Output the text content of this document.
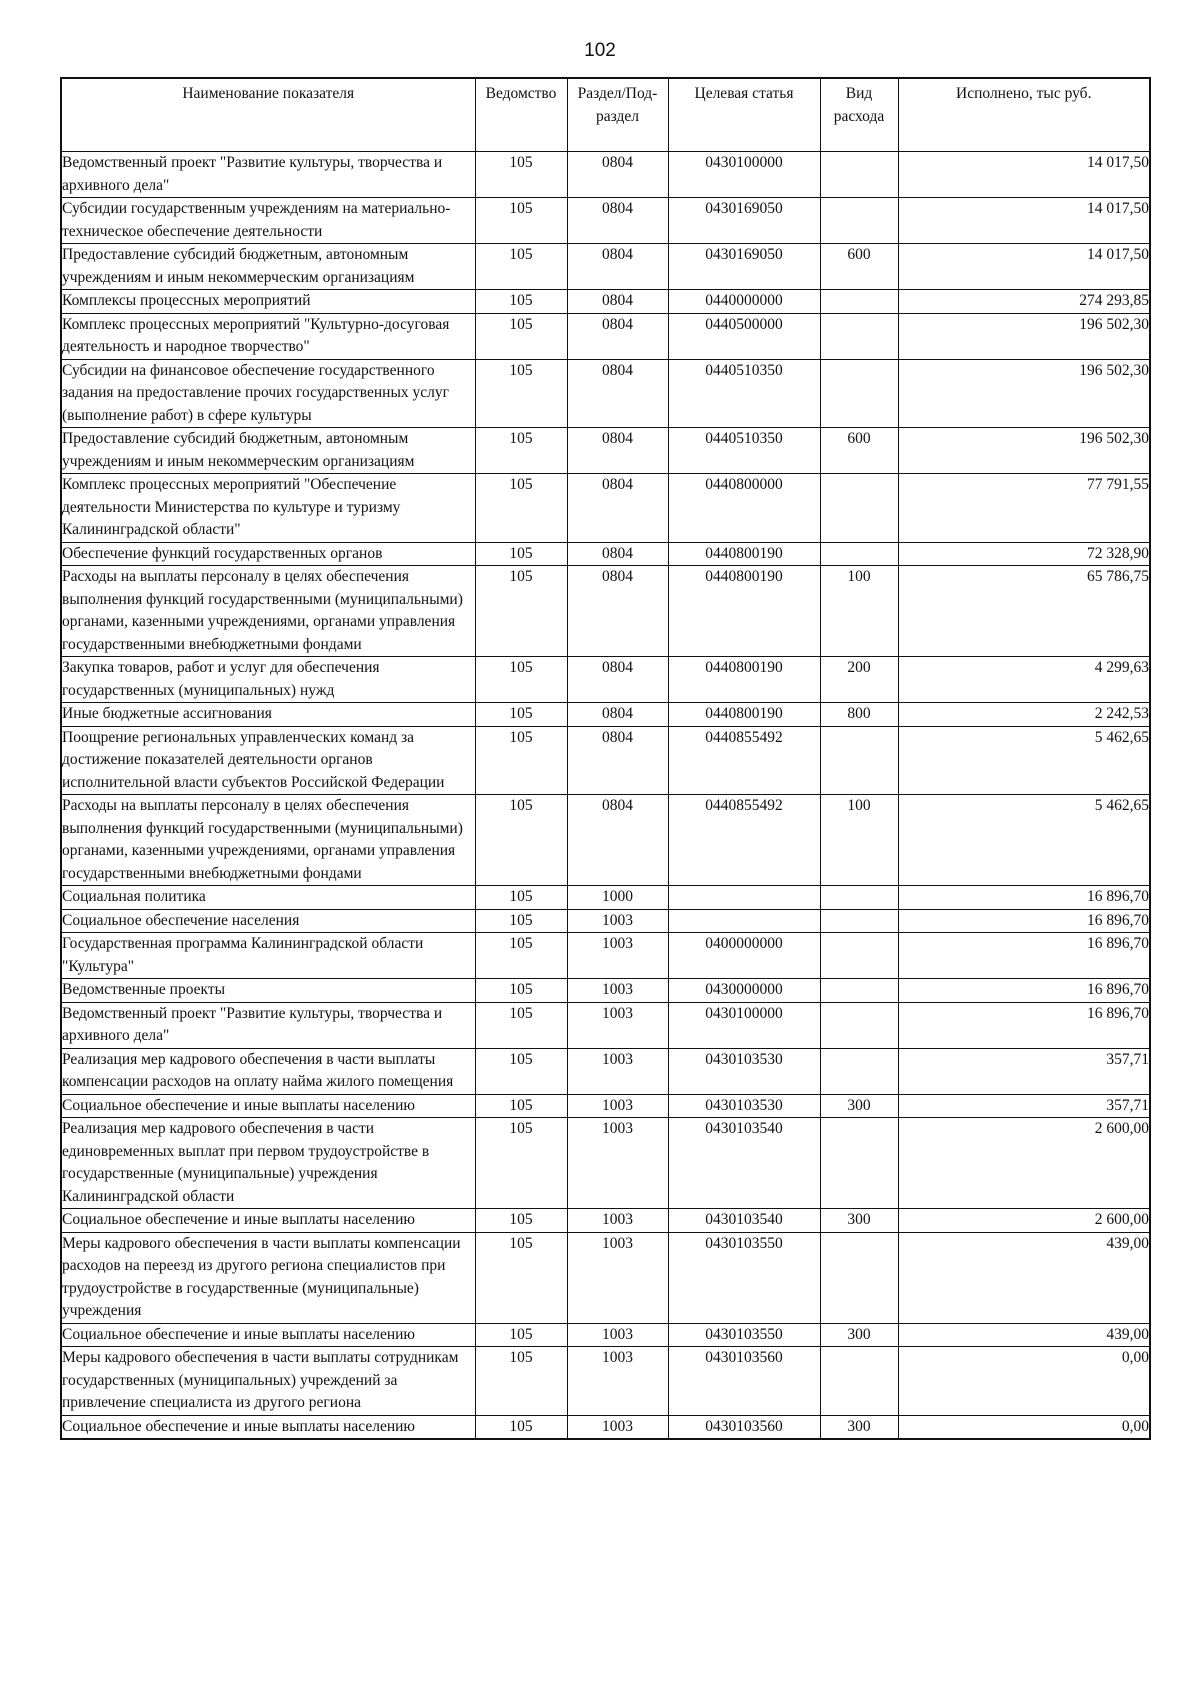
102
Наименование показателя	Ведомство	Раздел/Под-раздел	Целевая статья	Вид расхода	Исполнено, тыс руб.
Ведомственный проект "Развитие культуры, творчества и архивного дела"	105	0804	0430100000		14 017,50
Субсидии государственным учреждениям на материально-техническое обеспечение деятельности	105	0804	0430169050		14 017,50
Предоставление субсидий бюджетным, автономным учреждениям и иным некоммерческим организациям	105	0804	0430169050	600	14 017,50
Комплексы процессных мероприятий	105	0804	0440000000		274 293,85
Комплекс процессных мероприятий "Культурно-досуговая деятельность и народное творчество"	105	0804	0440500000		196 502,30
Субсидии на финансовое обеспечение государственного задания на предоставление прочих государственных услуг (выполнение работ) в сфере культуры	105	0804	0440510350		196 502,30
Предоставление субсидий бюджетным, автономным учреждениям и иным некоммерческим организациям	105	0804	0440510350	600	196 502,30
Комплекс процессных мероприятий "Обеспечение деятельности Министерства по культуре и туризму Калининградской области"	105	0804	0440800000		77 791,55
Обеспечение функций государственных органов	105	0804	0440800190		72 328,90
Расходы на выплаты персоналу в целях обеспечения выполнения функций государственными (муниципальными) органами, казенными учреждениями, органами управления государственными внебюджетными фондами	105	0804	0440800190	100	65 786,75
Закупка товаров, работ и услуг для обеспечения государственных (муниципальных) нужд	105	0804	0440800190	200	4 299,63
Иные бюджетные ассигнования	105	0804	0440800190	800	2 242,53
Поощрение региональных управленческих команд за достижение показателей деятельности органов исполнительной власти субъектов Российской Федерации	105	0804	0440855492		5 462,65
Расходы на выплаты персоналу в целях обеспечения выполнения функций государственными (муниципальными) органами, казенными учреждениями, органами управления государственными внебюджетными фондами	105	0804	0440855492	100	5 462,65
Социальная политика	105	1000			16 896,70
Социальное обеспечение населения	105	1003			16 896,70
Государственная программа Калининградской области "Культура"	105	1003	0400000000		16 896,70
Ведомственные проекты	105	1003	0430000000		16 896,70
Ведомственный проект "Развитие культуры, творчества и архивного дела"	105	1003	0430100000		16 896,70
Реализация мер кадрового обеспечения в части выплаты компенсации расходов на оплату найма жилого помещения	105	1003	0430103530		357,71
Социальное обеспечение и иные выплаты населению	105	1003	0430103530	300	357,71
Реализация мер кадрового обеспечения в части единовременных выплат при первом трудоустройстве в государственные (муниципальные) учреждения Калининградской области	105	1003	0430103540		2 600,00
Социальное обеспечение и иные выплаты населению	105	1003	0430103540	300	2 600,00
Меры кадрового обеспечения в части выплаты компенсации расходов на переезд из другого региона специалистов при трудоустройстве в государственные (муниципальные) учреждения	105	1003	0430103550		439,00
Социальное обеспечение и иные выплаты населению	105	1003	0430103550	300	439,00
Меры кадрового обеспечения в части выплаты сотрудникам государственных (муниципальных) учреждений за привлечение специалиста из другого региона	105	1003	0430103560		0,00
Социальное обеспечение и иные выплаты населению	105	1003	0430103560	300	0,00
